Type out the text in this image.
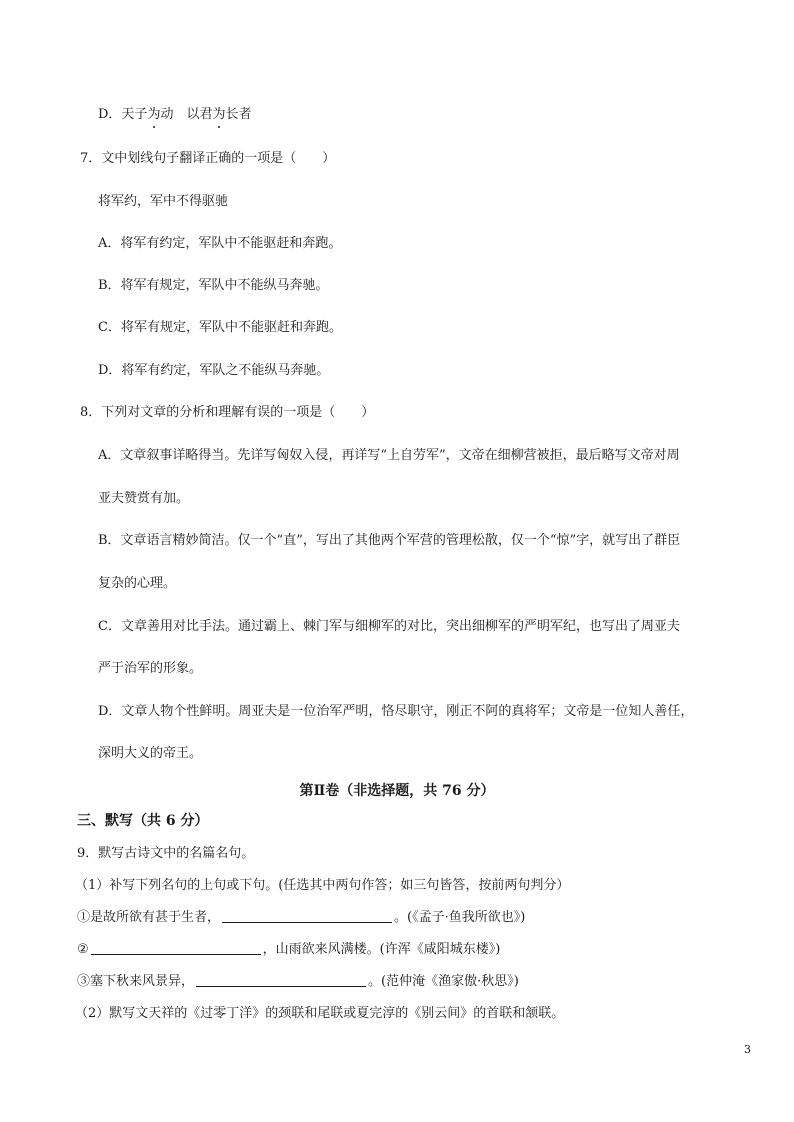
D．天子为动　以君为长者
7．文中划线句子翻译正确的一项是（　　）
将军约，军中不得驱驰
A．将军有约定，军队中不能驱赶和奔跑。
B．将军有规定，军队中不能纵马奔驰。
C．将军有规定，军队中不能驱赶和奔跑。
D．将军有约定，军队之不能纵马奔驰。
8．下列对文章的分析和理解有误的一项是（　　）
A．文章叙事详略得当。先详写匈奴入侵，再详写“上自劳军”，文帝在细柳营被拒，最后略写文帝对周
亚夫赞赏有加。
B．文章语言精妙简洁。仅一个“直”，写出了其他两个军营的管理松散，仅一个“惊”字，就写出了群臣
复杂的心理。
C．文章善用对比手法。通过霸上、棘门军与细柳军的对比，突出细柳军的严明军纪，也写出了周亚夫
严于治军的形象。
D．文章人物个性鲜明。周亚夫是一位治军严明，恪尽职守，刚正不阿的真将军；文帝是一位知人善任，
深明大义的帝王。
第Ⅱ卷（非选择题，共 76 分）
三、默写（共 6 分）
9．默写古诗文中的名篇名句。
（1）补写下列名句的上句或下句。(任选其中两句作答；如三句皆答，按前两句判分）
①是故所欲有甚于生者，	。(《孟子·鱼我所欲也》)
②	，山雨欲来风满楼。(许浑《咸阳城东楼》)
③塞下秋来风景异，	。(范仲淹《渔家傲·秋思》)
（2）默写文天祥的《过零丁洋》的颈联和尾联或夏完淳的《别云间》的首联和颔联。
3
